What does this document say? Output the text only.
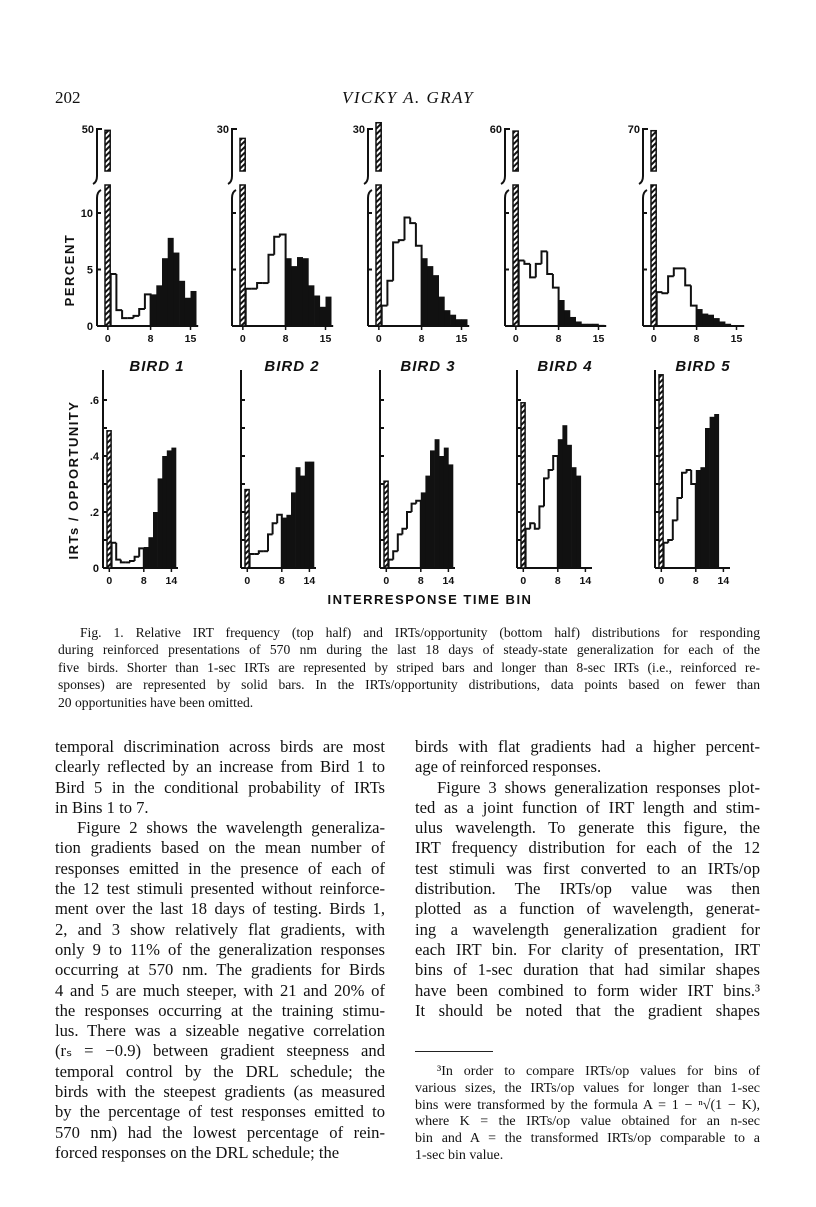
202	VICKY A. GRAY
50
0
5
10
0	8	15
30
0	8	15
30
0	8	15
60
0	8	15
70
0	8	15
0
.2
.4
.6
0	8 14	0	8 14	0	8 14	0	8 14	0	8 14
BIRD 1	BIRD 2	BIRD 3	BIRD 4	BIRD 5
PERCENT
IRTs / OPPORTUNITY
INTERRESPONSE TIME BIN
Fig. 1. Relative IRT frequency (top half) and IRTs/opportunity (bottom half) distributions for responding
during reinforced presentations of 570 nm during the last 18 days of steady-state generalization for each of the
five birds. Shorter than 1-sec IRTs are represented by striped bars and longer than 8-sec IRTs (i.e., reinforced re-
sponses) are represented by solid bars. In the IRTs/opportunity distributions, data points based on fewer than
20 opportunities have been omitted.
temporal discrimination across birds are most
clearly reflected by an increase from Bird 1 to
Bird 5 in the conditional probability of IRTs
in Bins 1 to 7.
Figure 2 shows the wavelength generaliza-
tion gradients based on the mean number of
responses emitted in the presence of each of
the 12 test stimuli presented without reinforce-
ment over the last 18 days of testing. Birds 1,
2, and 3 show relatively flat gradients, with
only 9 to 11% of the generalization responses
occurring at 570 nm. The gradients for Birds
4 and 5 are much steeper, with 21 and 20% of
the responses occurring at the training stimu-
lus. There was a sizeable negative correlation
(rₛ = −0.9) between gradient steepness and
temporal control by the DRL schedule; the
birds with the steepest gradients (as measured
by the percentage of test responses emitted to
570 nm) had the lowest percentage of rein-
forced responses on the DRL schedule; the
birds with flat gradients had a higher percent-
age of reinforced responses.
Figure 3 shows generalization responses plot-
ted as a joint function of IRT length and stim-
ulus wavelength. To generate this figure, the
IRT frequency distribution for each of the 12
test stimuli was first converted to an IRTs/op
distribution. The IRTs/op value was then
plotted as a function of wavelength, generat-
ing a wavelength generalization gradient for
each IRT bin. For clarity of presentation, IRT
bins of 1-sec duration that had similar shapes
have been combined to form wider IRT bins.³
It should be noted that the gradient shapes
³In order to compare IRTs/op values for bins of
various sizes, the IRTs/op values for longer than 1-sec
bins were transformed by the formula A = 1 − ⁿ√(1 − K),
where K = the IRTs/op value obtained for an n-sec
bin and A = the transformed IRTs/op comparable to a
1-sec bin value.
